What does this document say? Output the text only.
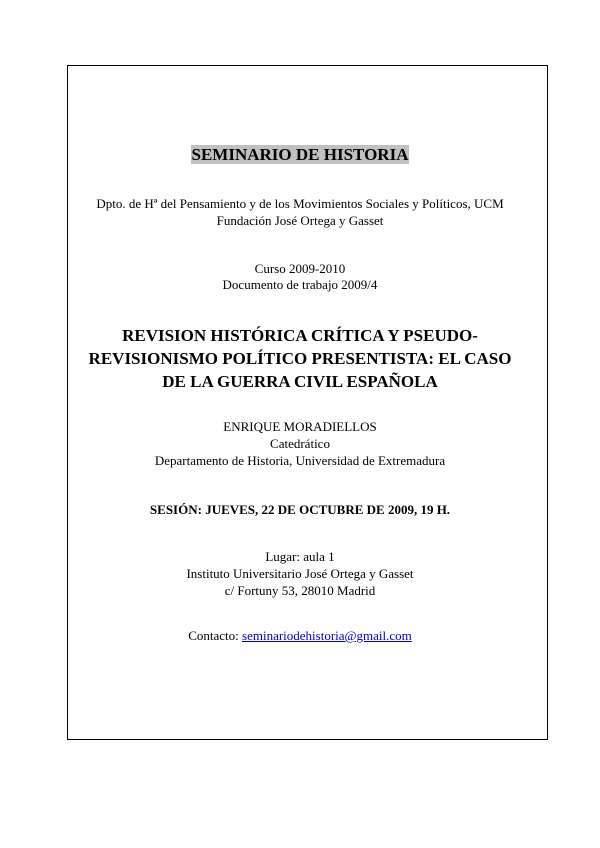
SEMINARIO DE HISTORIA
Dpto. de Hª del Pensamiento y de los Movimientos Sociales y Políticos, UCM
Fundación José Ortega y Gasset
Curso 2009-2010
Documento de trabajo 2009/4
REVISION HISTÓRICA CRÍTICA Y PSEUDO-
REVISIONISMO POLÍTICO PRESENTISTA: EL CASO
DE LA GUERRA CIVIL ESPAÑOLA
ENRIQUE MORADIELLOS
Catedrático
Departamento de Historia, Universidad de Extremadura
SESIÓN: JUEVES, 22 DE OCTUBRE DE 2009, 19 H.
Lugar: aula 1
Instituto Universitario José Ortega y Gasset
c/ Fortuny 53, 28010 Madrid
Contacto: seminariodehistoria@gmail.com
